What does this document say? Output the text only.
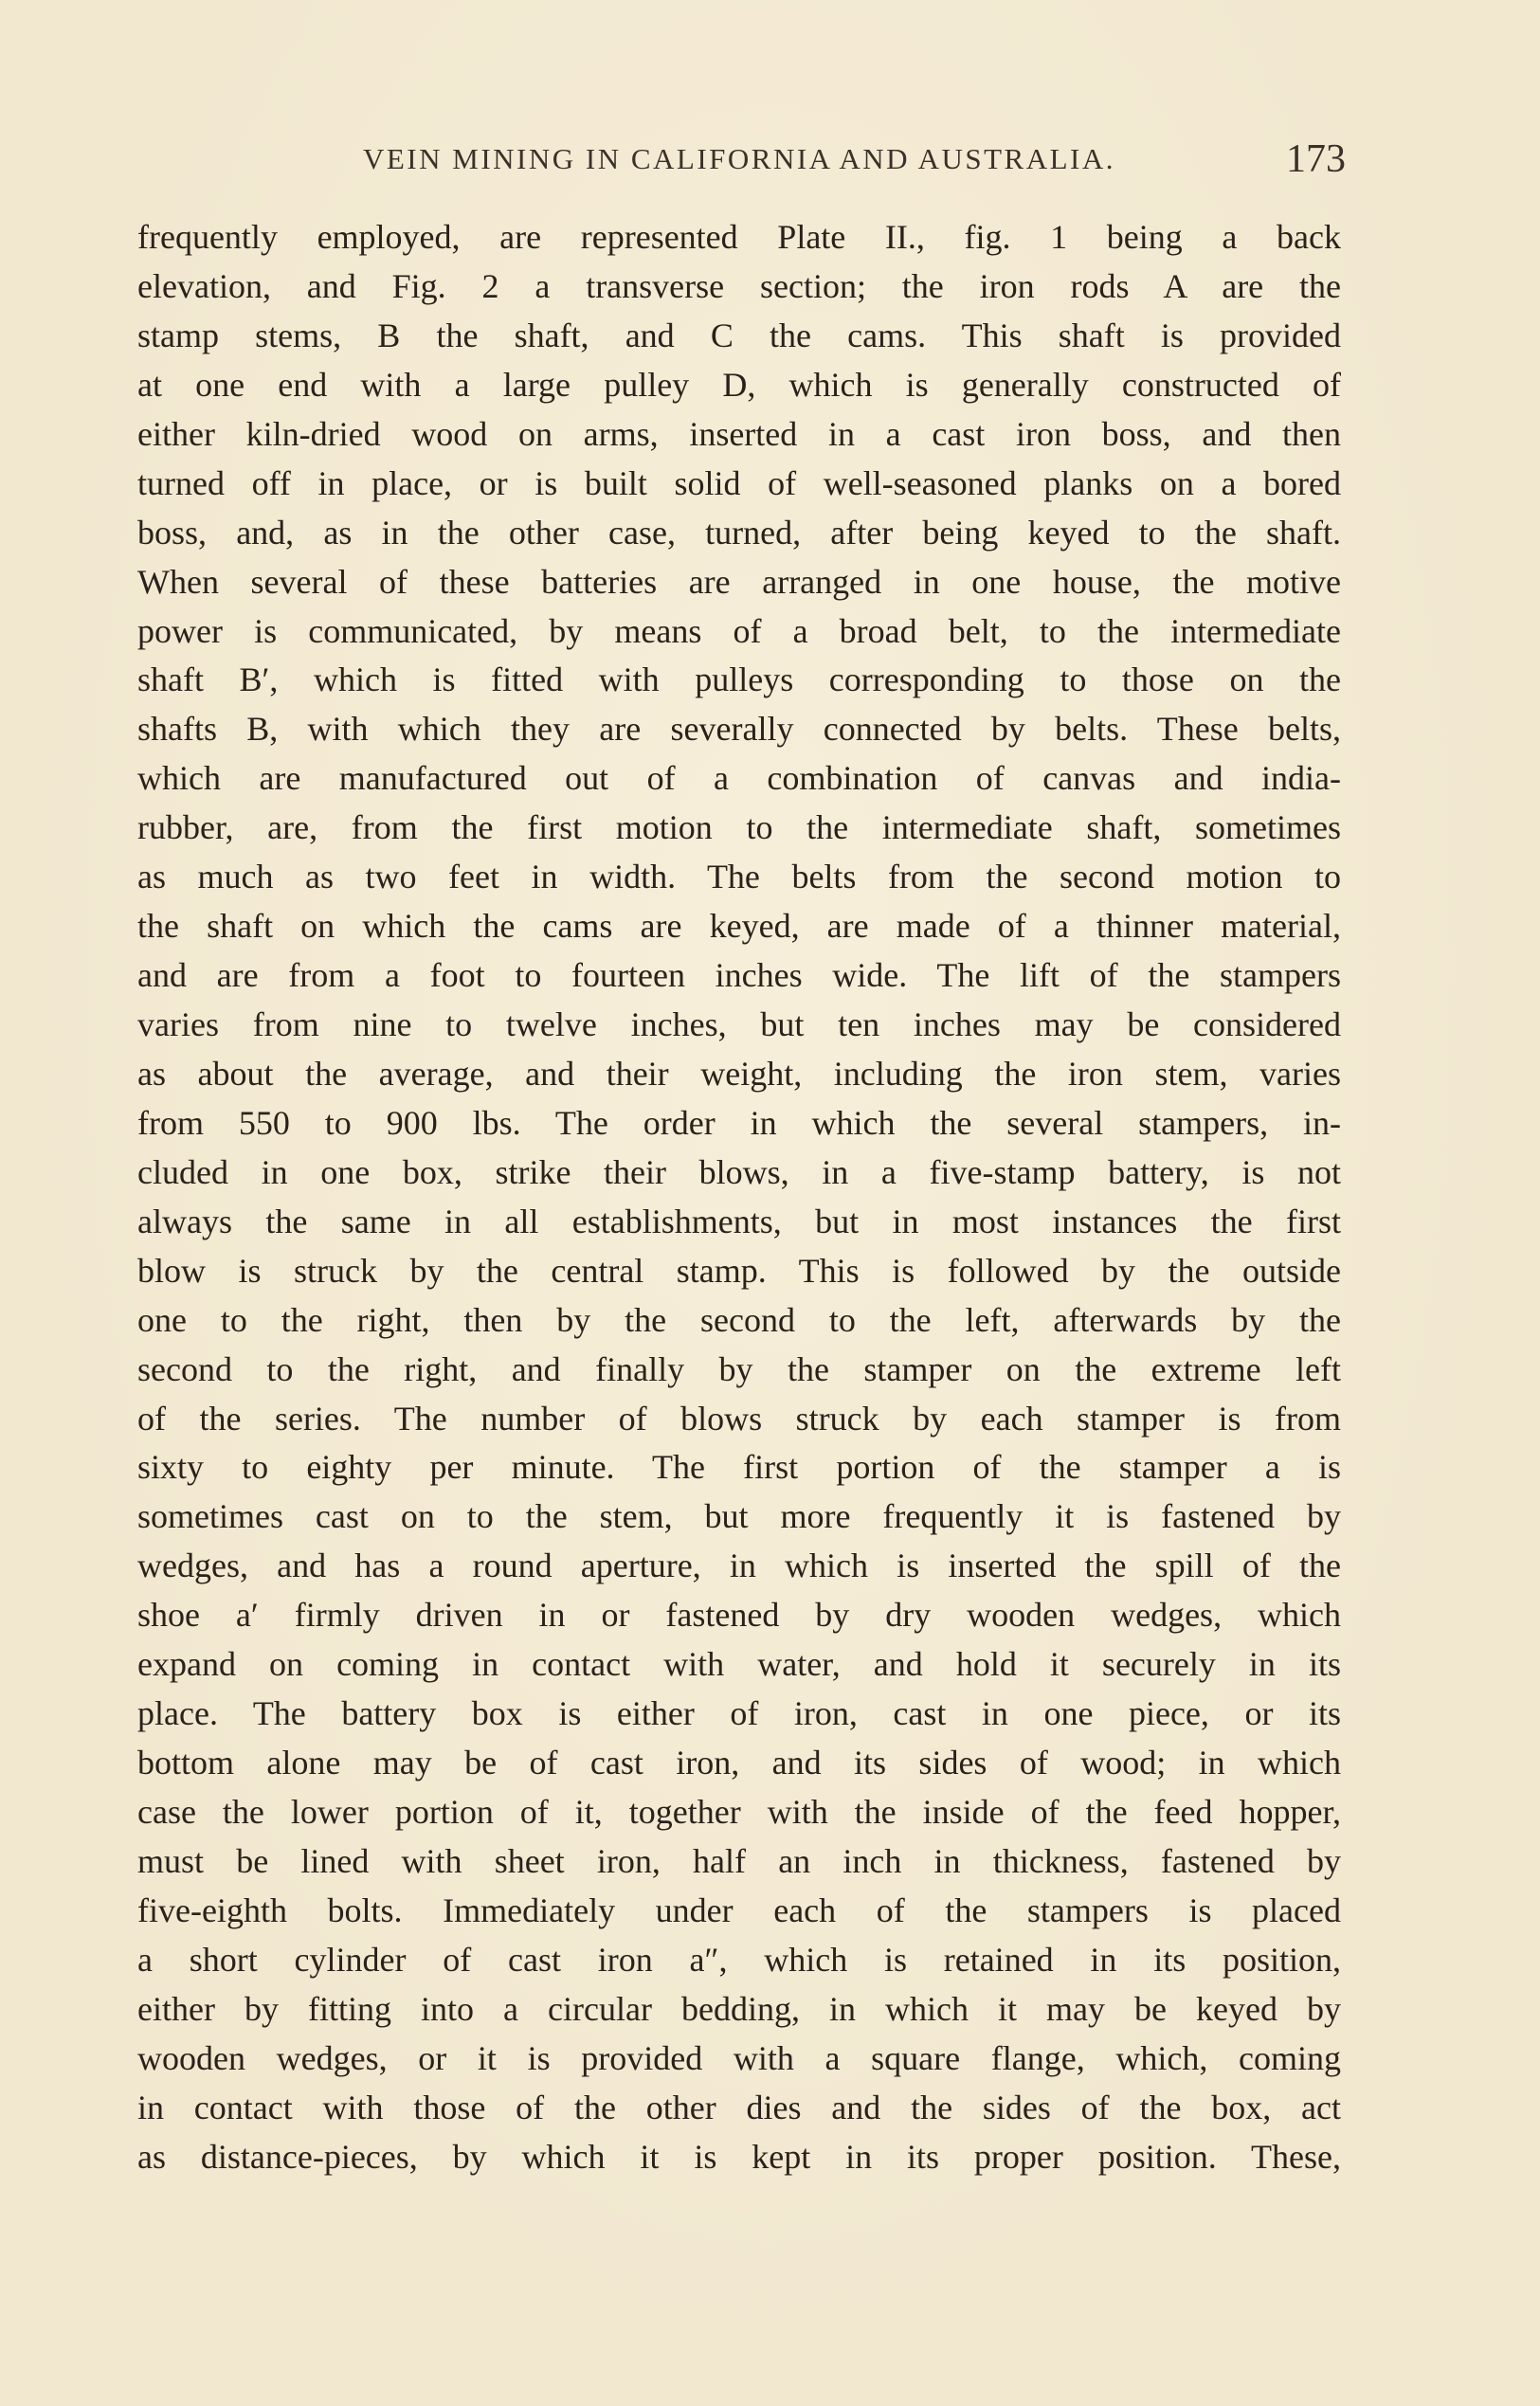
VEIN MINING IN CALIFORNIA AND AUSTRALIA.	173
frequently employed, are represented Plate II., fig. 1 being a back
elevation, and Fig. 2 a transverse section; the iron rods A are the
stamp stems, B the shaft, and C the cams. This shaft is provided
at one end with a large pulley D, which is generally constructed of
either kiln-dried wood on arms, inserted in a cast iron boss, and then
turned off in place, or is built solid of well-seasoned planks on a bored
boss, and, as in the other case, turned, after being keyed to the shaft.
When several of these batteries are arranged in one house, the motive
power is communicated, by means of a broad belt, to the intermediate
shaft B′, which is fitted with pulleys corresponding to those on the
shafts B, with which they are severally connected by belts. These belts,
which are manufactured out of a combination of canvas and india-
rubber, are, from the first motion to the intermediate shaft, sometimes
as much as two feet in width. The belts from the second motion to
the shaft on which the cams are keyed, are made of a thinner material,
and are from a foot to fourteen inches wide. The lift of the stampers
varies from nine to twelve inches, but ten inches may be considered
as about the average, and their weight, including the iron stem, varies
from 550 to 900 lbs. The order in which the several stampers, in-
cluded in one box, strike their blows, in a five-stamp battery, is not
always the same in all establishments, but in most instances the first
blow is struck by the central stamp. This is followed by the outside
one to the right, then by the second to the left, afterwards by the
second to the right, and finally by the stamper on the extreme left
of the series. The number of blows struck by each stamper is from
sixty to eighty per minute. The first portion of the stamper a is
sometimes cast on to the stem, but more frequently it is fastened by
wedges, and has a round aperture, in which is inserted the spill of the
shoe a′ firmly driven in or fastened by dry wooden wedges, which
expand on coming in contact with water, and hold it securely in its
place. The battery box is either of iron, cast in one piece, or its
bottom alone may be of cast iron, and its sides of wood; in which
case the lower portion of it, together with the inside of the feed hopper,
must be lined with sheet iron, half an inch in thickness, fastened by
five-eighth bolts. Immediately under each of the stampers is placed
a short cylinder of cast iron a″, which is retained in its position,
either by fitting into a circular bedding, in which it may be keyed by
wooden wedges, or it is provided with a square flange, which, coming
in contact with those of the other dies and the sides of the box, act
as distance-pieces, by which it is kept in its proper position. These,
